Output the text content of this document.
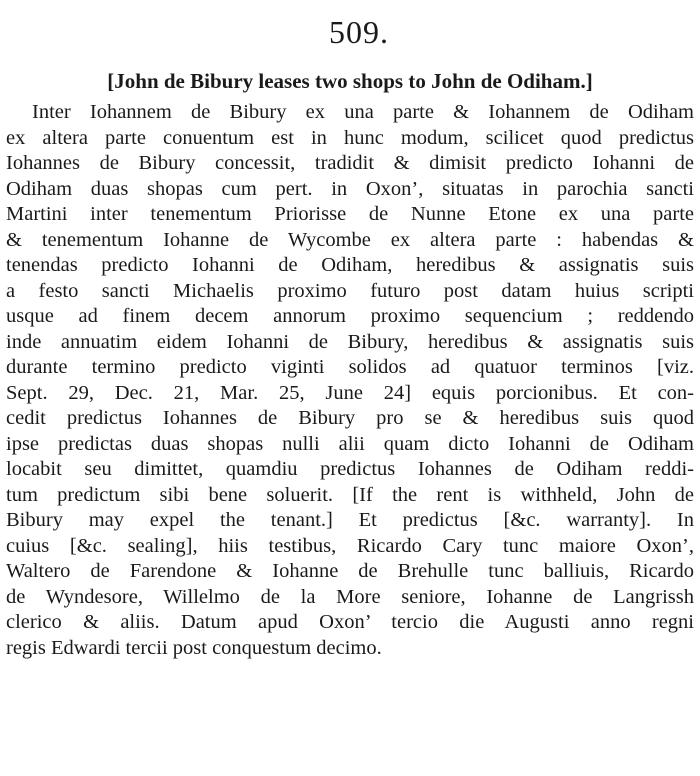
509.
[John de Bibury leases two shops to John de Odiham.]
Inter Iohannem de Bibury ex una parte & Iohannem de Odiham
ex altera parte conuentum est in hunc modum, scilicet quod predictus
Iohannes de Bibury concessit, tradidit & dimisit predicto Iohanni de
Odiham duas shopas cum pert. in Oxon’, situatas in parochia sancti
Martini inter tenementum Priorisse de Nunne Etone ex una parte
& tenementum Iohanne de Wycombe ex altera parte : habendas &
tenendas predicto Iohanni de Odiham, heredibus & assignatis suis
a festo sancti Michaelis proximo futuro post datam huius scripti
usque ad finem decem annorum proximo sequencium ; reddendo
inde annuatim eidem Iohanni de Bibury, heredibus & assignatis suis
durante termino predicto viginti solidos ad quatuor terminos [viz.
Sept. 29, Dec. 21, Mar. 25, June 24] equis porcionibus. Et con-
cedit predictus Iohannes de Bibury pro se & heredibus suis quod
ipse predictas duas shopas nulli alii quam dicto Iohanni de Odiham
locabit seu dimittet, quamdiu predictus Iohannes de Odiham reddi-
tum predictum sibi bene soluerit. [If the rent is withheld, John de
Bibury may expel the tenant.] Et predictus [&c. warranty]. In
cuius [&c. sealing], hiis testibus, Ricardo Cary tunc maiore Oxon’,
Waltero de Farendone & Iohanne de Brehulle tunc balliuis, Ricardo
de Wyndesore, Willelmo de la More seniore, Iohanne de Langrissh
clerico & aliis. Datum apud Oxon’ tercio die Augusti anno regni
regis Edwardi tercii post conquestum decimo.
